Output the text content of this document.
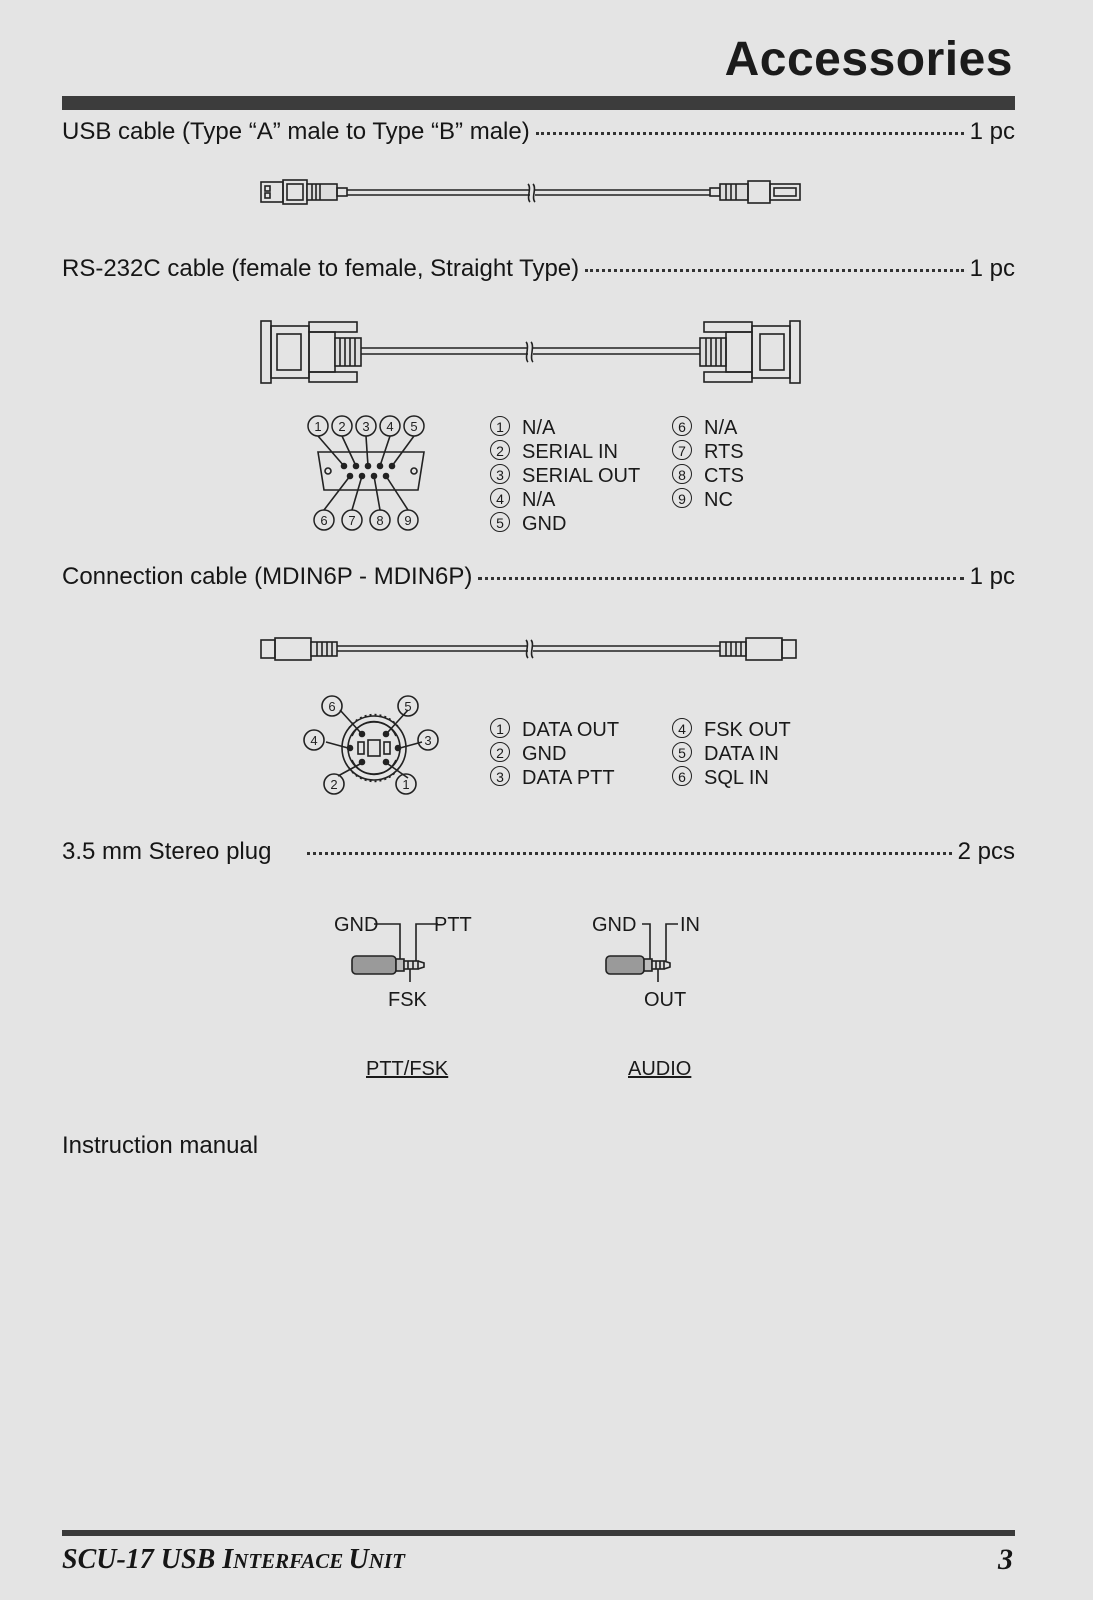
Accessories
USB cable (Type “A” male to Type “B” male)	1 pc
RS-232C cable (female to female, Straight Type)	1 pc
1 2 3 4 5
6 7 8 9
1 N/A
2 SERIAL IN
3 SERIAL OUT
4 N/A
5 GND
6 N/A
7 RTS
8 CTS
9 NC
Connection cable (MDIN6P - MDIN6P)	1 pc
6	5
4	3
2	1
1 DATA OUT
2 GND
3 DATA PTT
4 FSK OUT
5 DATA IN
6 SQL IN
3.5 mm Stereo plug	2 pcs
GND	PTT
FSK
PTT/FSK
GND IN
OUT
AUDIO
Instruction manual
SCU-17 USB INTERFACE UNIT	3
